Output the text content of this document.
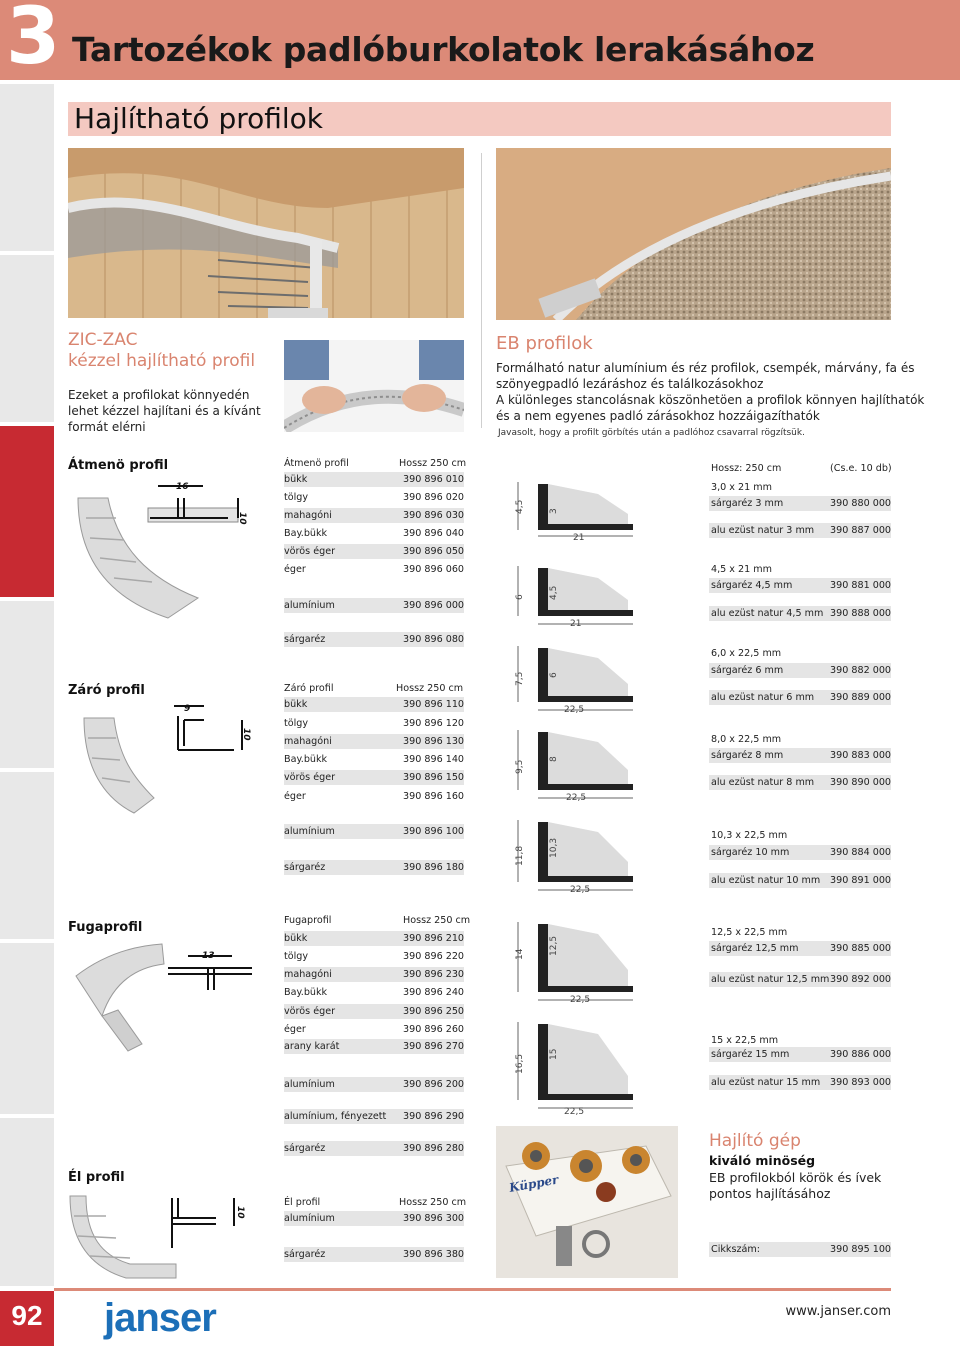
3 Tartozékok padlóburkolatok lerakásához
Hajlítható profilok
ZIC-ZAC
kézzel hajlítható profil
Ezeket a profilokat könnyedén
lehet kézzel hajlítani és a kívánt
formát elérni
EB profilok
Formálható natur alumínium és réz profilok, csempék, márvány, fa és
szönyegpadló lezáráshoz és találkozásokhoz
A különleges stancolásnak köszönhetöen a profilok könnyen hajlíthatók
és a nem egyenes padló zárásokhoz hozzáigazíthatók
Javasolt, hogy a profilt görbítés után a padlóhoz csavarral rögzítsük.
Átmenö profil
16
10
Átmenö profil	Hossz 250 cm
bükk	390 896 010
tölgy	390 896 020
mahagóni	390 896 030
Bay.bükk	390 896 040
vörös éger	390 896 050
éger	390 896 060
alumínium	390 896 000
sárgaréz	390 896 080
Záró profil
9
10
Záró profil	Hossz 250 cm
bükk	390 896 110
tölgy	390 896 120
mahagóni	390 896 130
Bay.bükk	390 896 140
vörös éger	390 896 150
éger	390 896 160
alumínium	390 896 100
sárgaréz	390 896 180
Fugaprofil
13
Fugaprofil	Hossz 250 cm
bükk	390 896 210
tölgy	390 896 220
mahagóni	390 896 230
Bay.bükk	390 896 240
vörös éger	390 896 250
éger	390 896 260
arany karát	390 896 270
alumínium	390 896 200
alumínium, fényezett 390 896 290
sárgaréz	390 896 280
Él profil
10
Él profil	Hossz 250 cm
alumínium	390 896 300
sárgaréz	390 896 380
4,5	3
21
6	4,5
21
7,5	6
22,5
9,5
8
22,5
11,8	10,3
22,5
14	12,5
22,5
16,5	15
22,5
Hossz: 250 cm	(Cs.e. 10 db)
3,0 x 21 mm
sárgaréz 3 mm	390 880 000
alu ezüst natur 3 mm 390 887 000
4,5 x 21 mm
sárgaréz 4,5 mm	390 881 000
alu ezüst natur 4,5 mm 390 888 000
6,0 x 22,5 mm
sárgaréz 6 mm	390 882 000
alu ezüst natur 6 mm 390 889 000
8,0 x 22,5 mm
sárgaréz 8 mm	390 883 000
alu ezüst natur 8 mm 390 890 000
10,3 x 22,5 mm
sárgaréz 10 mm	390 884 000
alu ezüst natur 10 mm 390 891 000
12,5 x 22,5 mm
sárgaréz 12,5 mm	390 885 000
alu ezüst natur 12,5 mm 390 892 000
15 x 22,5 mm
sárgaréz 15 mm	390 886 000
alu ezüst natur 15 mm 390 893 000
Küpper
Hajlító gép
kiváló minöség
EB profilokból körök és ívek
pontos hajlításához
Cikkszám:	390 895 100
92 janser	www.janser.com
